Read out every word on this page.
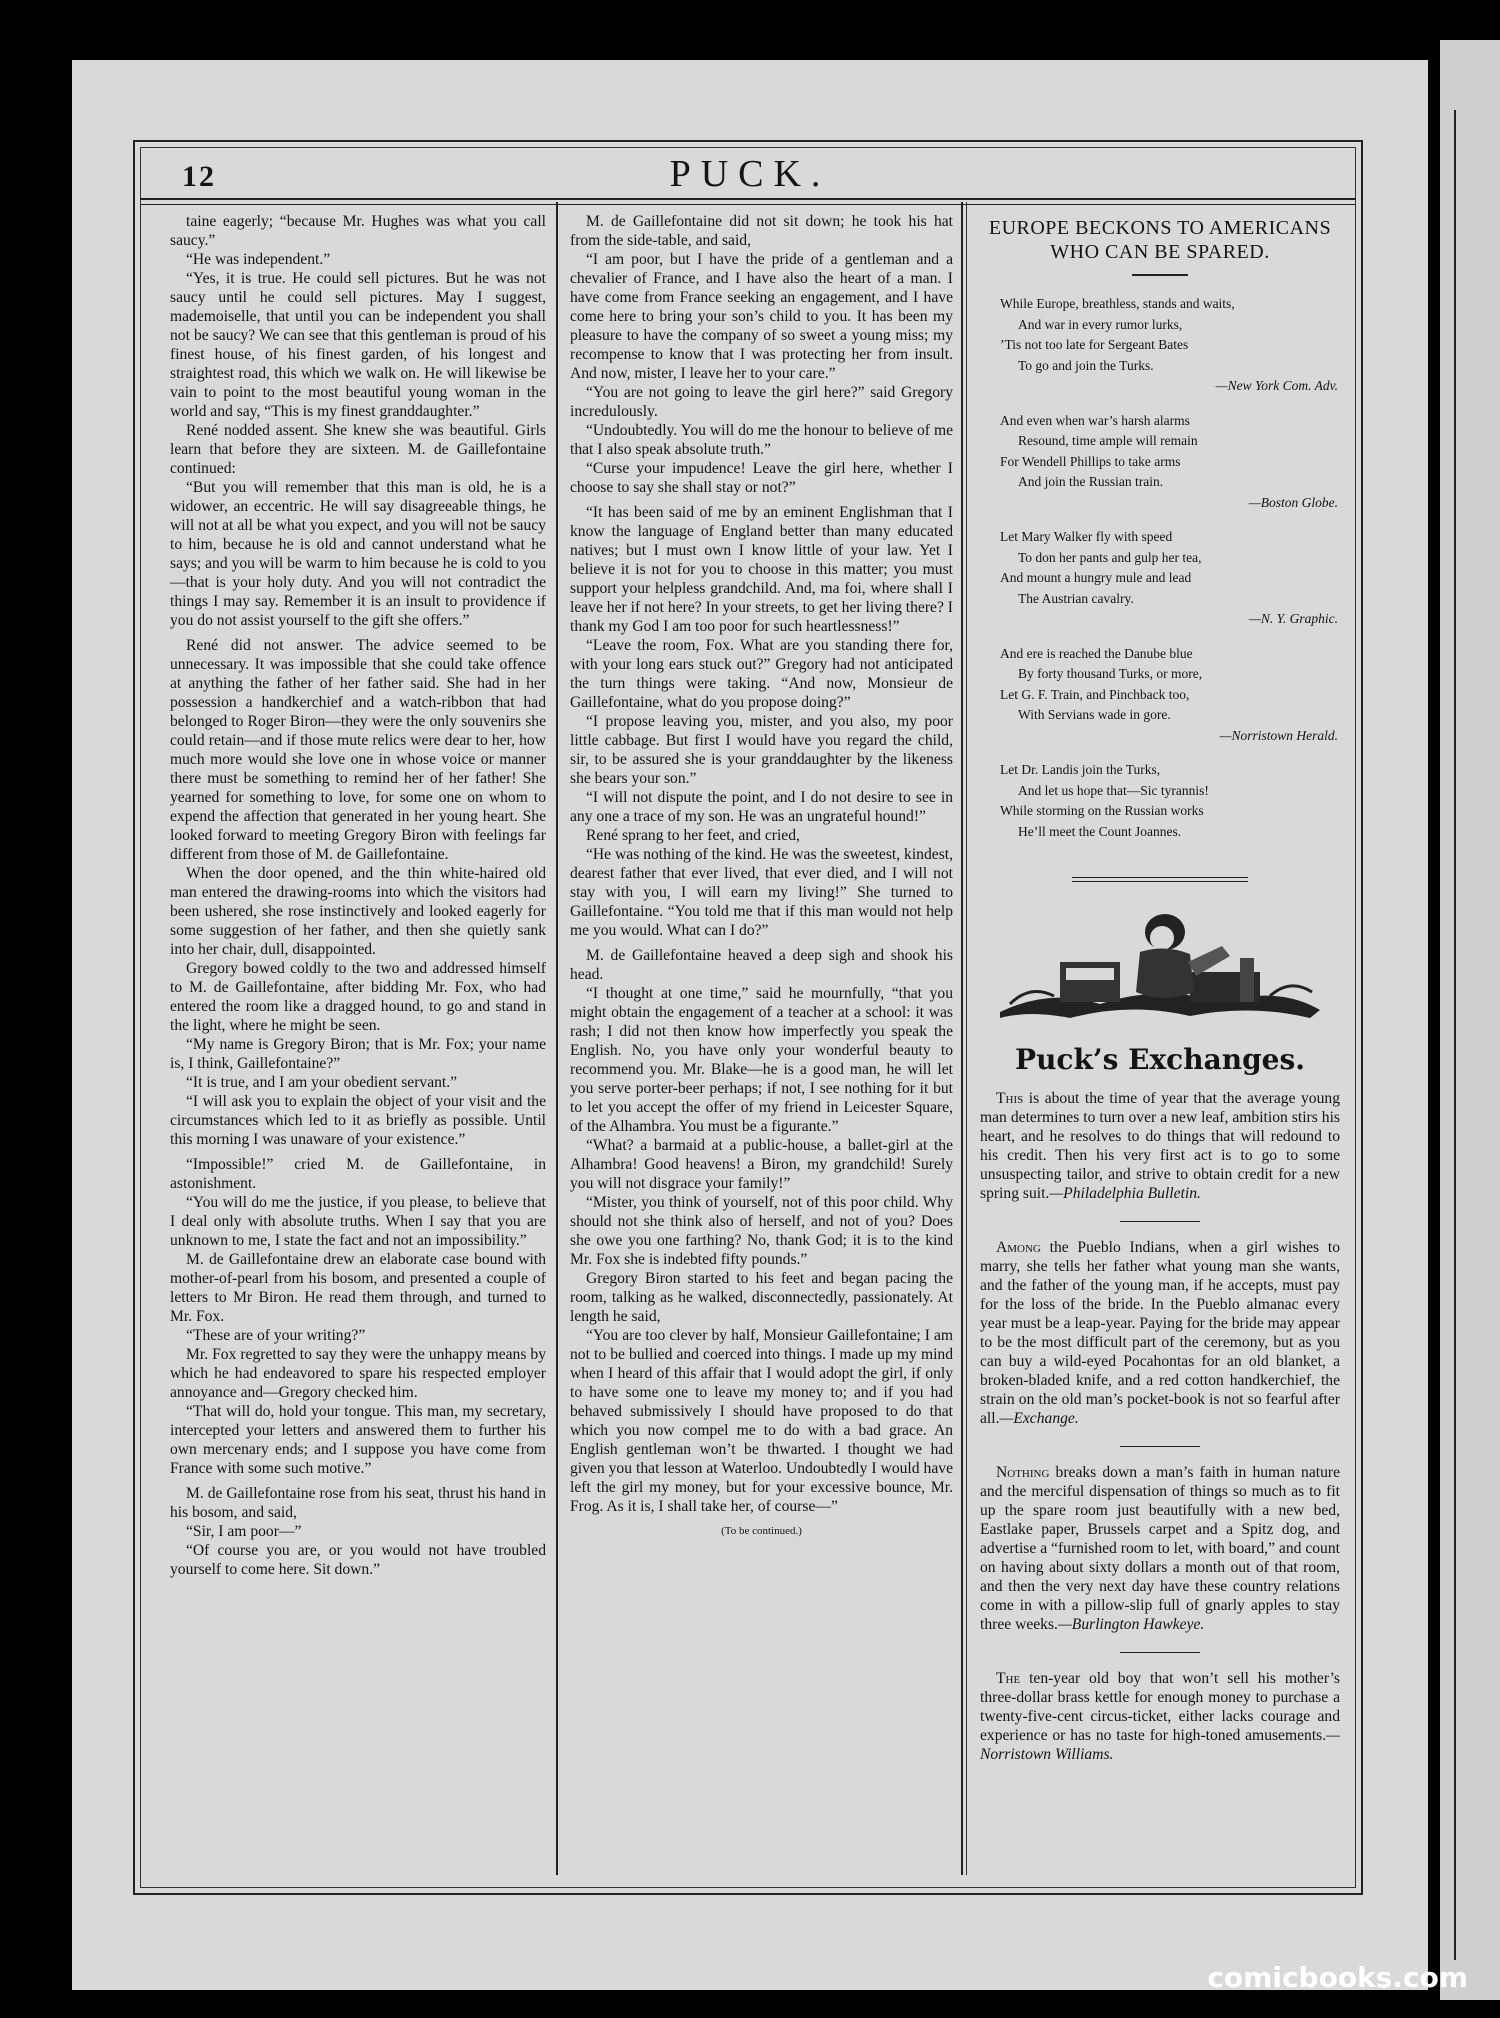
12	PUCK.

taine eagerly; “because Mr. Hughes was what you call saucy.”

“He was independent.”

“Yes, it is true. He could sell pictures. But he was not saucy until he could sell pictures. May I suggest, mademoiselle, that until you can be independent you shall not be saucy? We can see that this gentleman is proud of his finest house, of his finest garden, of his longest and straightest road, this which we walk on. He will likewise be vain to point to the most beautiful young woman in the world and say, “This is my finest granddaughter.”

René nodded assent. She knew she was beautiful. Girls learn that before they are sixteen. M. de Gaillefontaine continued:

“But you will remember that this man is old, he is a widower, an eccentric. He will say disagreeable things, he will not at all be what you expect, and you will not be saucy to him, because he is old and cannot understand what he says; and you will be warm to him because he is cold to you—that is your holy duty. And you will not contradict the things I may say. Remember it is an insult to providence if you do not assist yourself to the gift she offers.”

René did not answer. The advice seemed to be unnecessary. It was impossible that she could take offence at anything the father of her father said. She had in her possession a handkerchief and a watch-ribbon that had belonged to Roger Biron—they were the only souvenirs she could retain—and if those mute relics were dear to her, how much more would she love one in whose voice or manner there must be something to remind her of her father! She yearned for something to love, for some one on whom to expend the affection that generated in her young heart. She looked forward to meeting Gregory Biron with feelings far different from those of M. de Gaillefontaine.

When the door opened, and the thin white-haired old man entered the drawing-rooms into which the visitors had been ushered, she rose instinctively and looked eagerly for some suggestion of her father, and then she quietly sank into her chair, dull, disappointed.

Gregory bowed coldly to the two and addressed himself to M. de Gaillefontaine, after bidding Mr. Fox, who had entered the room like a dragged hound, to go and stand in the light, where he might be seen.

“My name is Gregory Biron; that is Mr. Fox; your name is, I think, Gaillefontaine?”

“It is true, and I am your obedient servant.”

“I will ask you to explain the object of your visit and the circumstances which led to it as briefly as possible. Until this morning I was unaware of your existence.”

“Impossible!” cried M. de Gaillefontaine, in astonishment.

“You will do me the justice, if you please, to believe that I deal only with absolute truths. When I say that you are unknown to me, I state the fact and not an impossibility.”

M. de Gaillefontaine drew an elaborate case bound with mother-of-pearl from his bosom, and presented a couple of letters to Mr Biron. He read them through, and turned to Mr. Fox.

“These are of your writing?”

Mr. Fox regretted to say they were the unhappy means by which he had endeavored to spare his respected employer annoyance and—Gregory checked him.

“That will do, hold your tongue. This man, my secretary, intercepted your letters and answered them to further his own mercenary ends; and I suppose you have come from France with some such motive.”

M. de Gaillefontaine rose from his seat, thrust his hand in his bosom, and said,

“Sir, I am poor—”

“Of course you are, or you would not have troubled yourself to come here. Sit down.”

M. de Gaillefontaine did not sit down; he took his hat from the side-table, and said,

“I am poor, but I have the pride of a gentleman and a chevalier of France, and I have also the heart of a man. I have come from France seeking an engagement, and I have come here to bring your son’s child to you. It has been my pleasure to have the company of so sweet a young miss; my recompense to know that I was protecting her from insult. And now, mister, I leave her to your care.”

“You are not going to leave the girl here?” said Gregory incredulously.

“Undoubtedly. You will do me the honour to believe of me that I also speak absolute truth.”

“Curse your impudence! Leave the girl here, whether I choose to say she shall stay or not?”

“It has been said of me by an eminent Englishman that I know the language of England better than many educated natives; but I must own I know little of your law. Yet I believe it is not for you to choose in this matter; you must support your helpless grandchild. And, ma foi, where shall I leave her if not here? In your streets, to get her living there? I thank my God I am too poor for such heartlessness!”

“Leave the room, Fox. What are you standing there for, with your long ears stuck out?” Gregory had not anticipated the turn things were taking. “And now, Monsieur de Gaillefontaine, what do you propose doing?”

“I propose leaving you, mister, and you also, my poor little cabbage. But first I would have you regard the child, sir, to be assured she is your granddaughter by the likeness she bears your son.”

“I will not dispute the point, and I do not desire to see in any one a trace of my son. He was an ungrateful hound!”

René sprang to her feet, and cried,

“He was nothing of the kind. He was the sweetest, kindest, dearest father that ever lived, that ever died, and I will not stay with you, I will earn my living!” She turned to Gaillefontaine. “You told me that if this man would not help me you would. What can I do?”

M. de Gaillefontaine heaved a deep sigh and shook his head.

“I thought at one time,” said he mournfully, “that you might obtain the engagement of a teacher at a school: it was rash; I did not then know how imperfectly you speak the English. No, you have only your wonderful beauty to recommend you. Mr. Blake—he is a good man, he will let you serve porter-beer perhaps; if not, I see nothing for it but to let you accept the offer of my friend in Leicester Square, of the Alhambra. You must be a figurante.”

“What? a barmaid at a public-house, a ballet-girl at the Alhambra! Good heavens! a Biron, my grandchild! Surely you will not disgrace your family!”

“Mister, you think of yourself, not of this poor child. Why should not she think also of herself, and not of you? Does she owe you one farthing? No, thank God; it is to the kind Mr. Fox she is indebted fifty pounds.”

Gregory Biron started to his feet and began pacing the room, talking as he walked, disconnectedly, passionately. At length he said,

“You are too clever by half, Monsieur Gaillefontaine; I am not to be bullied and coerced into things. I made up my mind when I heard of this affair that I would adopt the girl, if only to have some one to leave my money to; and if you had behaved submissively I should have proposed to do that which you now compel me to do with a bad grace. An English gentleman won’t be thwarted. I thought we had given you that lesson at Waterloo. Undoubtedly I would have left the girl my money, but for your excessive bounce, Mr. Frog. As it is, I shall take her, of course—”

(To be continued.)
EUROPE BECKONS TO AMERICANS WHO CAN BE SPARED.
While Europe, breathless, stands and waits,
And war in every rumor lurks,
’Tis not too late for Sergeant Bates
To go and join the Turks.
—New York Com. Adv.
And even when war’s harsh alarms
Resound, time ample will remain
For Wendell Phillips to take arms
And join the Russian train.
—Boston Globe.
Let Mary Walker fly with speed
To don her pants and gulp her tea,
And mount a hungry mule and lead
The Austrian cavalry.
—N. Y. Graphic.
And ere is reached the Danube blue
By forty thousand Turks, or more,
Let G. F. Train, and Pinchback too,
With Servians wade in gore.
—Norristown Herald.
Let Dr. Landis join the Turks,
And let us hope that—Sic tyrannis!
While storming on the Russian works
He’ll meet the Count Joannes.

Puck’s Exchanges.

This is about the time of year that the average young man determines to turn over a new leaf, ambition stirs his heart, and he resolves to do things that will redound to his credit. Then his very first act is to go to some unsuspecting tailor, and strive to obtain credit for a new spring suit.—Philadelphia Bulletin.

Among the Pueblo Indians, when a girl wishes to marry, she tells her father what young man she wants, and the father of the young man, if he accepts, must pay for the loss of the bride. In the Pueblo almanac every year must be a leap-year. Paying for the bride may appear to be the most difficult part of the ceremony, but as you can buy a wild-eyed Pocahontas for an old blanket, a broken-bladed knife, and a red cotton handkerchief, the strain on the old man’s pocket-book is not so fearful after all.—Exchange.

Nothing breaks down a man’s faith in human nature and the merciful dispensation of things so much as to fit up the spare room just beautifully with a new bed, Eastlake paper, Brussels carpet and a Spitz dog, and advertise a “furnished room to let, with board,” and count on having about sixty dollars a month out of that room, and then the very next day have these country relations come in with a pillow-slip full of gnarly apples to stay three weeks.—Burlington Hawkeye.

The ten-year old boy that won’t sell his mother’s three-dollar brass kettle for enough money to purchase a twenty-five-cent circus-ticket, either lacks courage and experience or has no taste for high-toned amusements.—Norristown Williams.

comicbooks.com
